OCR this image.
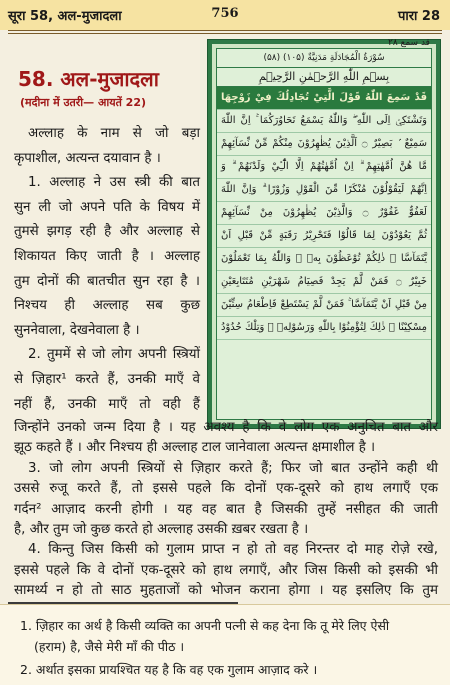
सूरा 58, अल-मुजादला	756	पारा 28
58. अल-मुजादला
(मदीना में उतरी— आयतें 22)
(۵۸) سُوْرَةُ الْمُجَادَلَةِ مَدَنِيَّةٌ (۱۰۵)
بِسۡمِ اللّٰهِ الرَّحۡمٰنِ الرَّحِيۡمِ
قَدْ سَمِعَ اللّٰهُ قَوْلَ الَّتِيْ تُجَادِلُكَ فِيْ زَوْجِهَا
وَتَشْتَكِيْۤ اِلَى اللّٰهِ ۖ وَاللّٰهُ يَسْمَعُ تَحَاوُرَكُمَا ۚ اِنَّ اللّٰهَ
سَمِيْعٌ ۢ بَصِيْرٌ ۝ اَلَّذِيْنَ يُظٰهِرُوْنَ مِنْكُمْ مِّنْ نِّسَآئِهِمْ
مَّا هُنَّ اُمَّهٰتِهِمْ ۗ اِنْ اُمَّهٰتُهُمْ اِلَّا الّٰٓـِٔيْ وَلَدْنَهُمْ ۗ وَ
اِنَّهُمْ لَيَقُوْلُوْنَ مُنْكَرًا مِّنَ الْقَوْلِ وَزُوْرًا ۗ وَاِنَّ اللّٰهَ
لَعَفُوٌّ غَفُوْرٌ ۝ وَالَّذِيْنَ يُظٰهِرُوْنَ مِنْ نِّسَآئِهِمْ
ثُمَّ يَعُوْدُوْنَ لِمَا قَالُوْا فَتَحْرِيْرُ رَقَبَةٍ مِّنْ قَبْلِ اَنْ
يَّتَمَآسَّا ۗ ذٰلِكُمْ تُوْعَظُوْنَ بِهٖ ۗ وَاللّٰهُ بِمَا تَعْمَلُوْنَ
خَبِيْرٌ ۝ فَمَنْ لَّمْ يَجِدْ فَصِيَامُ شَهْرَيْنِ مُتَتَابِعَيْنِ
مِنْ قَبْلِ اَنْ يَّتَمَآسَّا ۚ فَمَنْ لَّمْ يَسْتَطِعْ فَاِطْعَامُ سِتِّيْنَ
مِسْكِيْنًا ۗ ذٰلِكَ لِتُؤْمِنُوْا بِاللّٰهِ وَرَسُوْلِهٖ ۗ وَتِلْكَ حُدُوْدُ
قد سمع ۲۸
अल्लाह के नाम से जो बड़ा
कृपाशील, अत्यन्त दयावान है ।
1. अल्लाह ने उस स्त्री की बात
सुन ली जो अपने पति के विषय में
तुमसे झगड़ रही है और अल्लाह से
शिकायत किए जाती है । अल्लाह
तुम दोनों की बातचीत सुन रहा है ।
निश्चय ही अल्लाह सब कुछ
सुननेवाला, देखनेवाला है ।
2. तुममें से जो लोग अपनी स्त्रियों
से ज़िहार¹ करते हैं, उनकी माएँ वे
नहीं हैं, उनकी माएँ तो वही हैं
जिन्होंने उनको जन्म दिया है । यह अवश्य है कि वे लोग एक अनुचित बात और
झूठ कहते हैं । और निश्चय ही अल्लाह टाल जानेवाला अत्यन्त क्षमाशील है ।
3. जो लोग अपनी स्त्रियों से ज़िहार करते हैं; फिर जो बात उन्होंने कही थी
उससे रुजू करते हैं, तो इससे पहले कि दोनों एक-दूसरे को हाथ लगाएँ एक
गर्दन² आज़ाद करनी होगी । यह वह बात है जिसकी तुम्हें नसीहत की जाती
है, और तुम जो कुछ करते हो अल्लाह उसकी ख़बर रखता है ।
4. किन्तु जिस किसी को गुलाम प्राप्त न हो तो वह निरन्तर दो माह रोज़े रखे,
इससे पहले कि वे दोनों एक-दूसरे को हाथ लगाएँ, और जिस किसी को इसकी भी
सामर्थ्य न हो तो साठ मुहताजों को भोजन कराना होगा । यह इसलिए कि तुम
1. ज़िहार का अर्थ है किसी व्यक्ति का अपनी पत्नी से कह देना कि तू मेरे लिए ऐसी
(हराम) है, जैसे मेरी माँ की पीठ ।
2. अर्थात इसका प्रायश्चित यह है कि वह एक गुलाम आज़ाद करे ।
